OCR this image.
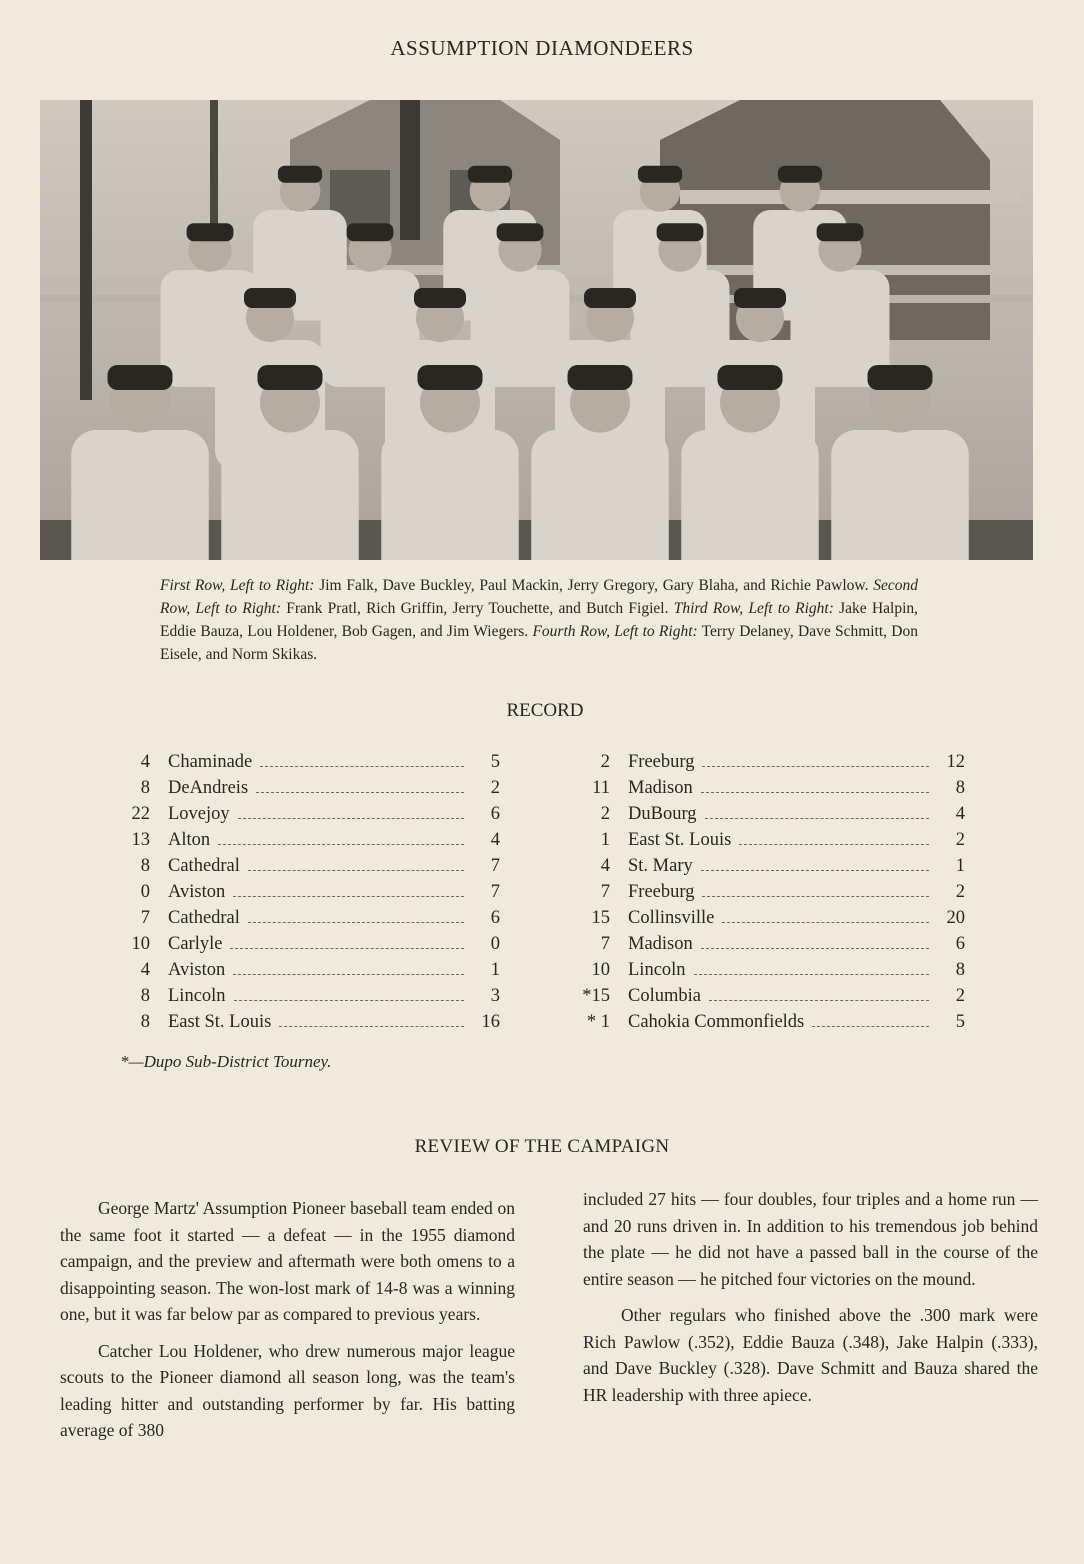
ASSUMPTION DIAMONDEERS
First Row, Left to Right: Jim Falk, Dave Buckley, Paul Mackin, Jerry Gregory, Gary Blaha, and Richie Pawlow. Second Row, Left to Right: Frank Pratl, Rich Griffin, Jerry Touchette, and Butch Figiel. Third Row, Left to Right: Jake Halpin, Eddie Bauza, Lou Holdener, Bob Gagen, and Jim Wiegers. Fourth Row, Left to Right: Terry Delaney, Dave Schmitt, Don Eisele, and Norm Skikas.
RECORD
4 Chaminade	5
8 DeAndreis	2
22 Lovejoy	6
13 Alton	4
8 Cathedral	7
0 Aviston	7
7 Cathedral	6
10 Carlyle	0
4 Aviston	1
8 Lincoln	3
8 East St. Louis	16
2 Freeburg	12
11 Madison	8
2 DuBourg	4
1 East St. Louis	2
4 St. Mary	1
7 Freeburg	2
15 Collinsville	20
7 Madison	6
10 Lincoln	8
*15 Columbia	2
* 1 Cahokia Commonfields	5
*—Dupo Sub-District Tourney.
REVIEW OF THE CAMPAIGN

George Martz' Assumption Pioneer baseball team ended on the same foot it started — a defeat — in the 1955 diamond campaign, and the preview and aftermath were both omens to a disappointing season. The won-lost mark of 14-8 was a winning one, but it was far below par as compared to previous years.

Catcher Lou Holdener, who drew numerous major league scouts to the Pioneer diamond all season long, was the team's leading hitter and outstanding performer by far. His batting average of 380

included 27 hits — four doubles, four triples and a home run — and 20 runs driven in. In addition to his tremendous job behind the plate — he did not have a passed ball in the course of the entire season — he pitched four victories on the mound.

Other regulars who finished above the .300 mark were Rich Pawlow (.352), Eddie Bauza (.348), Jake Halpin (.333), and Dave Buckley (.328). Dave Schmitt and Bauza shared the HR leadership with three apiece.
